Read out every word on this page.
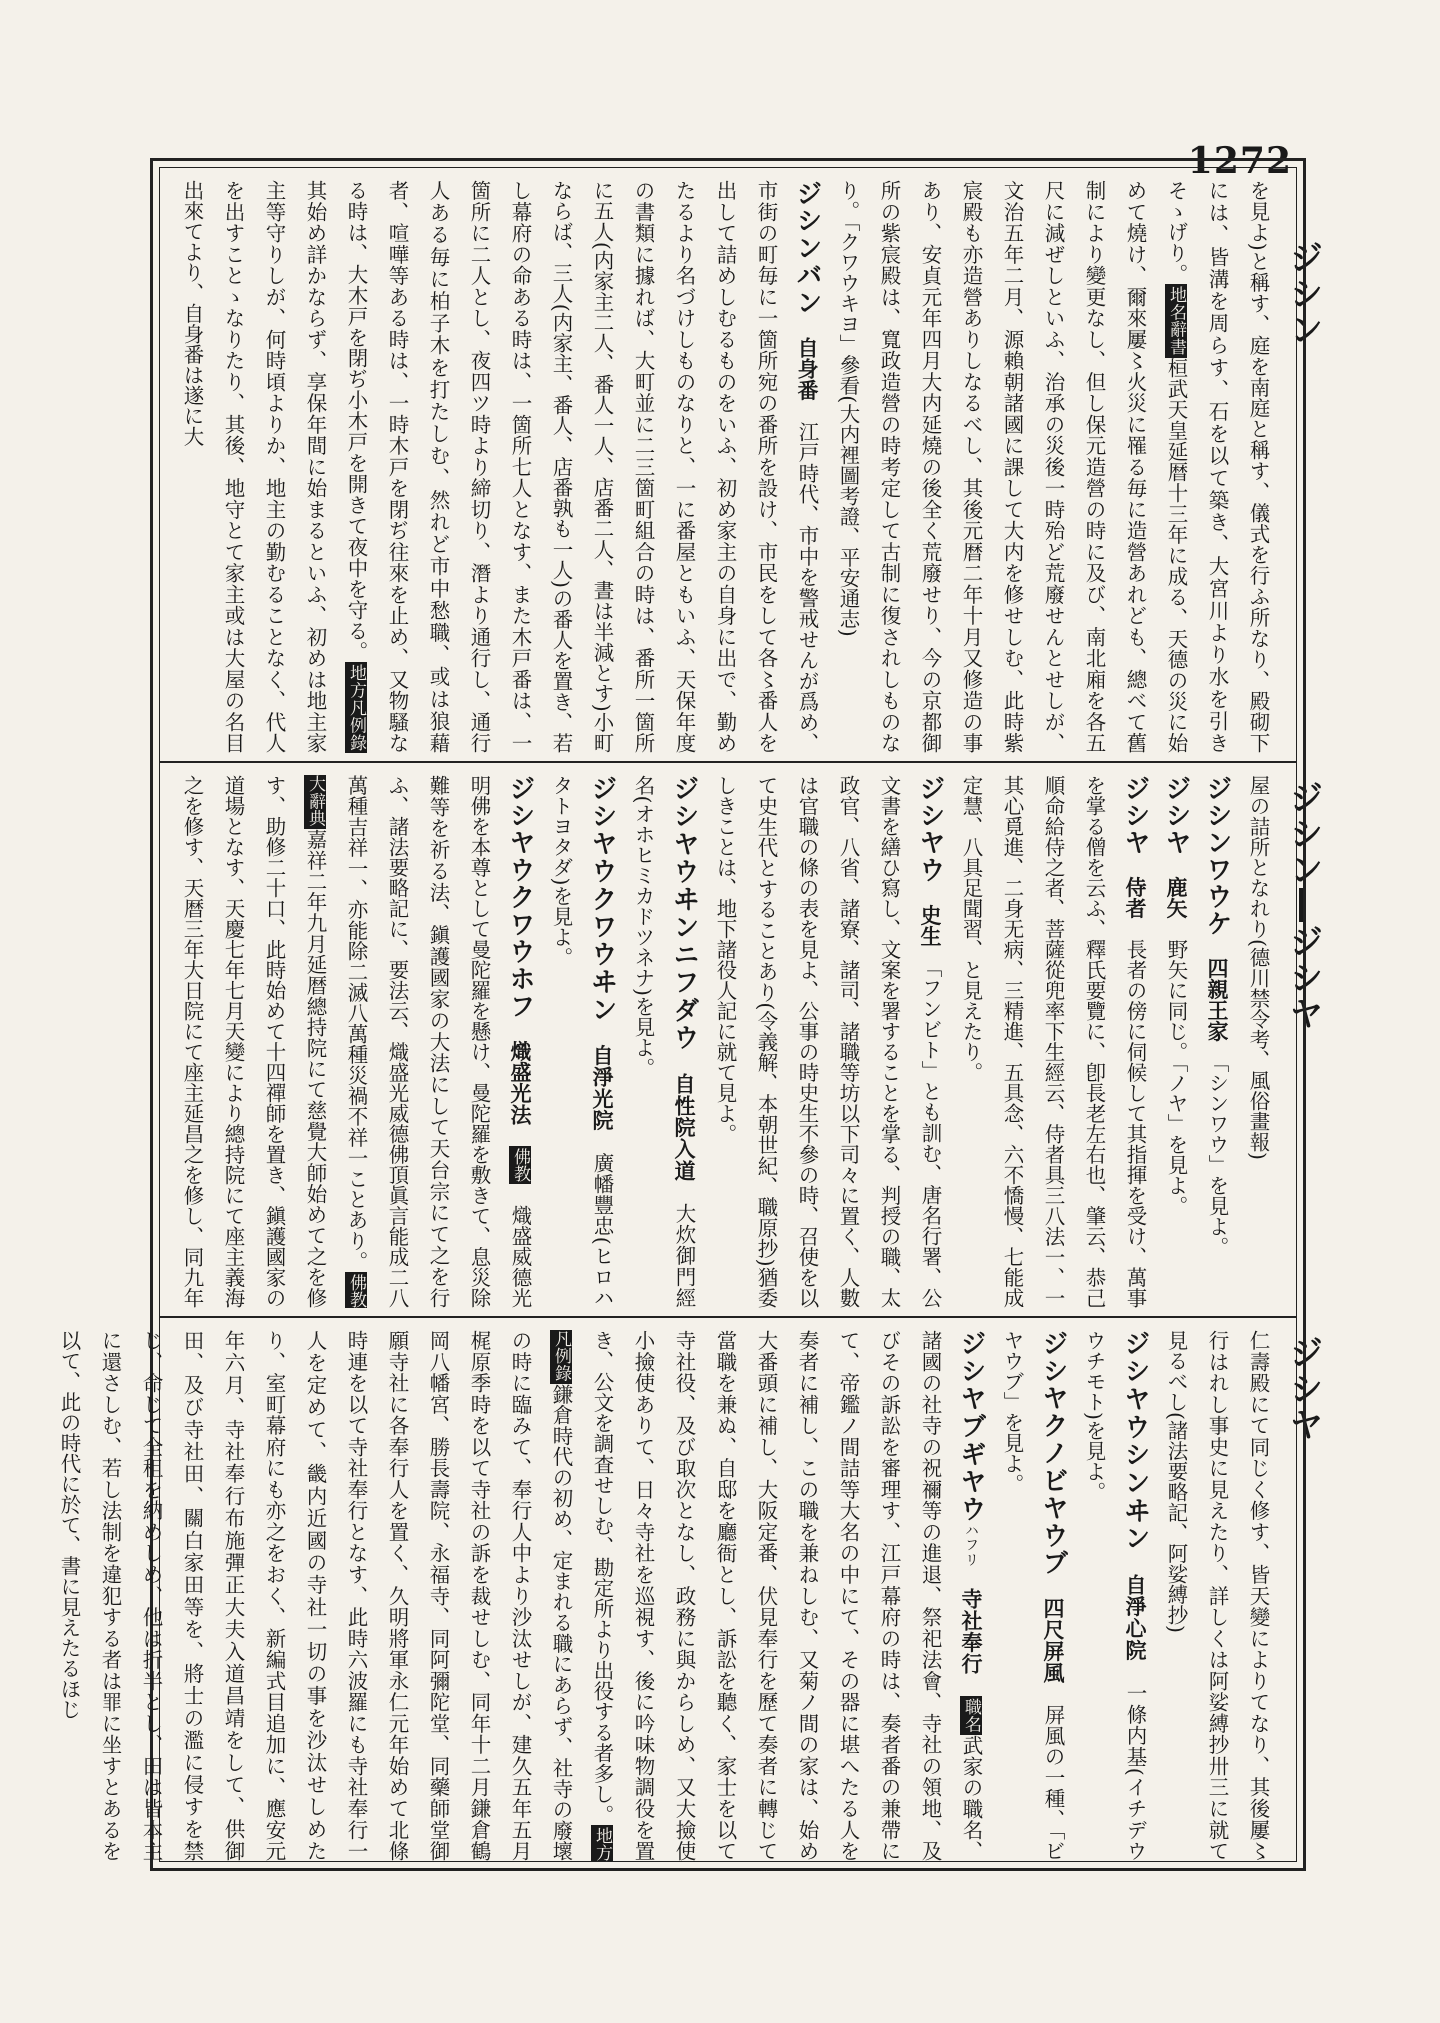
1272
ジシン
ジシン―ジシヤ
ジシヤ

を見よ)と稱す、庭を南庭と稱す、儀式を行ふ所なり、殿砌下には、皆溝を周らす、石を以て築き、大宮川より水を引きそゝげり。地名辭書桓武天皇延暦十三年に成る、天德の災に始めて燒け、爾來屢〻火災に罹る毎に造營あれども、總べて舊制により變更なし、但し保元造營の時に及び、南北廂を各五尺に減ぜしといふ、治承の災後一時殆ど荒廢せんとせしが、文治五年二月、源賴朝諸國に課して大内を修せしむ、此時紫宸殿も亦造營ありしなるべし、其後元暦二年十月又修造の事あり、安貞元年四月大内延燒の後全く荒廢せり、今の京都御所の紫宸殿は、寬政造營の時考定して古制に復されしものなり。「クワウキヨ」參看(大内裡圖考證、平安通志)

ジシンバン　自身番　江戸時代、市中を警戒せんが爲め、市街の町毎に一箇所宛の番所を設け、市民をして各〻番人を出して詰めしむるものをいふ、初め家主の自身に出で、勤めたるより名づけしものなりと、一に番屋ともいふ、天保年度の書類に據れば、大町並に二三箇町組合の時は、番所一箇所に五人(内家主二人、番人一人、店番二人、晝は半減とす)小町ならば、三人(内家主、番人、店番孰も一人)の番人を置き、若し幕府の命ある時は、一箇所七人となす、また木戸番は、一箇所に二人とし、夜四ツ時より締切り、潛より通行し、通行人ある毎に柏子木を打たしむ、然れど市中愁職、或は狼藉者、喧嘩等ある時は、一時木戸を閉ぢ往來を止め、又物騷なる時は、大木戸を閉ぢ小木戸を開きて夜中を守る。地方凡例錄其始め詳かならず、享保年間に始まるといふ、初めは地主家主等守りしが、何時頃よりか、地主の勤むることなく、代人を出すことゝなりたり、其後、地守とて家主或は大屋の名目出來てより、自身番は遂に大

屋の詰所となれり(德川禁令考、風俗畫報)

ジシンワウケ　四親王家　「シンワウ」を見よ。

ジシヤ　鹿矢　野矢に同じ。「ノヤ」を見よ。

ジシヤ　侍者　長者の傍に伺候して其指揮を受け、萬事を掌る僧を云ふ、釋氏要覽に、卽長老左右也、肇云、恭己順命給侍之者、菩薩從兜率下生經云、侍者具三八法一、一其心覓進、二身无病、三精進、五具念、六不憍慢、七能成定慧、八具足聞習、と見えたり。

ジシヤウ　史生　「フンビト」とも訓む、唐名行署、公文書を繕ひ寫し、文案を署することを掌る、判授の職、太政官、八省、諸寮、諸司、諸職等坊以下司々に置く、人數は官職の條の表を見よ、公事の時史生不參の時、召使を以て史生代とすることあり(令義解、本朝世紀、職原抄)猶委しきことは、地下諸役人記に就て見よ。

ジシヤウヰンニフダウ　自性院入道　大炊御門經名(オホヒミカドツネナ)を見よ。

ジシヤウクワウヰン　自淨光院　廣幡豐忠(ヒロハタトヨタダ)を見よ。

ジシヤウクワウホフ　熾盛光法　佛教　熾盛威德光明佛を本尊として曼陀羅を懸け、曼陀羅を敷きて、息災除難等を祈る法、鎭護國家の大法にして天台宗にて之を行ふ、諸法要略記に、要法云、熾盛光威德佛頂眞言能成二八萬種吉祥一、亦能除二滅八萬種災禍不祥一ことあり。佛教大辭典嘉祥二年九月延暦總持院にて慈覺大師始めて之を修す、助修二十口、此時始めて十四禪師を置き、鎭護國家の道場となす、天慶七年七月天變により總持院にて座主義海之を修す、天暦三年大日院にて座主延昌之を修し、同九年

仁壽殿にて同じく修す、皆天變によりてなり、其後屢〻行はれし事史に見えたり、詳しくは阿娑縛抄卅三に就て見るべし(諸法要略記、阿娑縛抄)

ジシヤウシンヰン　自淨心院　一條内基(イチデウウチモト)を見よ。

ジシヤクノビヤウブ　四尺屏風　屏風の一種、「ビヤウブ」を見よ。

ジシヤブギヤウハフリ　寺社奉行　職名武家の職名、諸國の社寺の祝禰等の進退、祭祀法會、寺社の領地、及びその訴訟を審理す、江戸幕府の時は、奏者番の兼帶にて、帝鑑ノ間詰等大名の中にて、その器に堪へたる人を奏者に補し、この職を兼ねしむ、又菊ノ間の家は、始め大番頭に補し、大阪定番、伏見奉行を歷て奏者に轉じて當職を兼ぬ、自邸を廳衙とし、訴訟を聽く、家士を以て寺社役、及び取次となし、政務に與からしめ、又大撿使小撿使ありて、日々寺社を巡視す、後に吟味物調役を置き、公文を調査せしむ、勘定所より出役する者多し。地方凡例錄鎌倉時代の初め、定まれる職にあらず、社寺の廢壞の時に臨みて、奉行人中より沙汰せしが、建久五年五月梶原季時を以て寺社の訴を裁せしむ、同年十二月鎌倉鶴岡八幡宮、勝長壽院、永福寺、同阿彌陀堂、同藥師堂御願寺社に各奉行人を置く、久明將軍永仁元年始めて北條時連を以て寺社奉行となす、此時六波羅にも寺社奉行一人を定めて、畿内近國の寺社一切の事を沙汰せしめたり、室町幕府にも亦之をおく、新編式目追加に、應安元年六月、寺社奉行布施彈正大夫入道昌靖をして、供御田、及び寺社田、關白家田等を、將士の濫に侵すを禁じ、命じて全租を納めしめ、他は折半とし、田は皆本主に還さしむ、若し法制を違犯する者は罪に坐すとあるを以て、此の時代に於て、書に見えたるほじ
